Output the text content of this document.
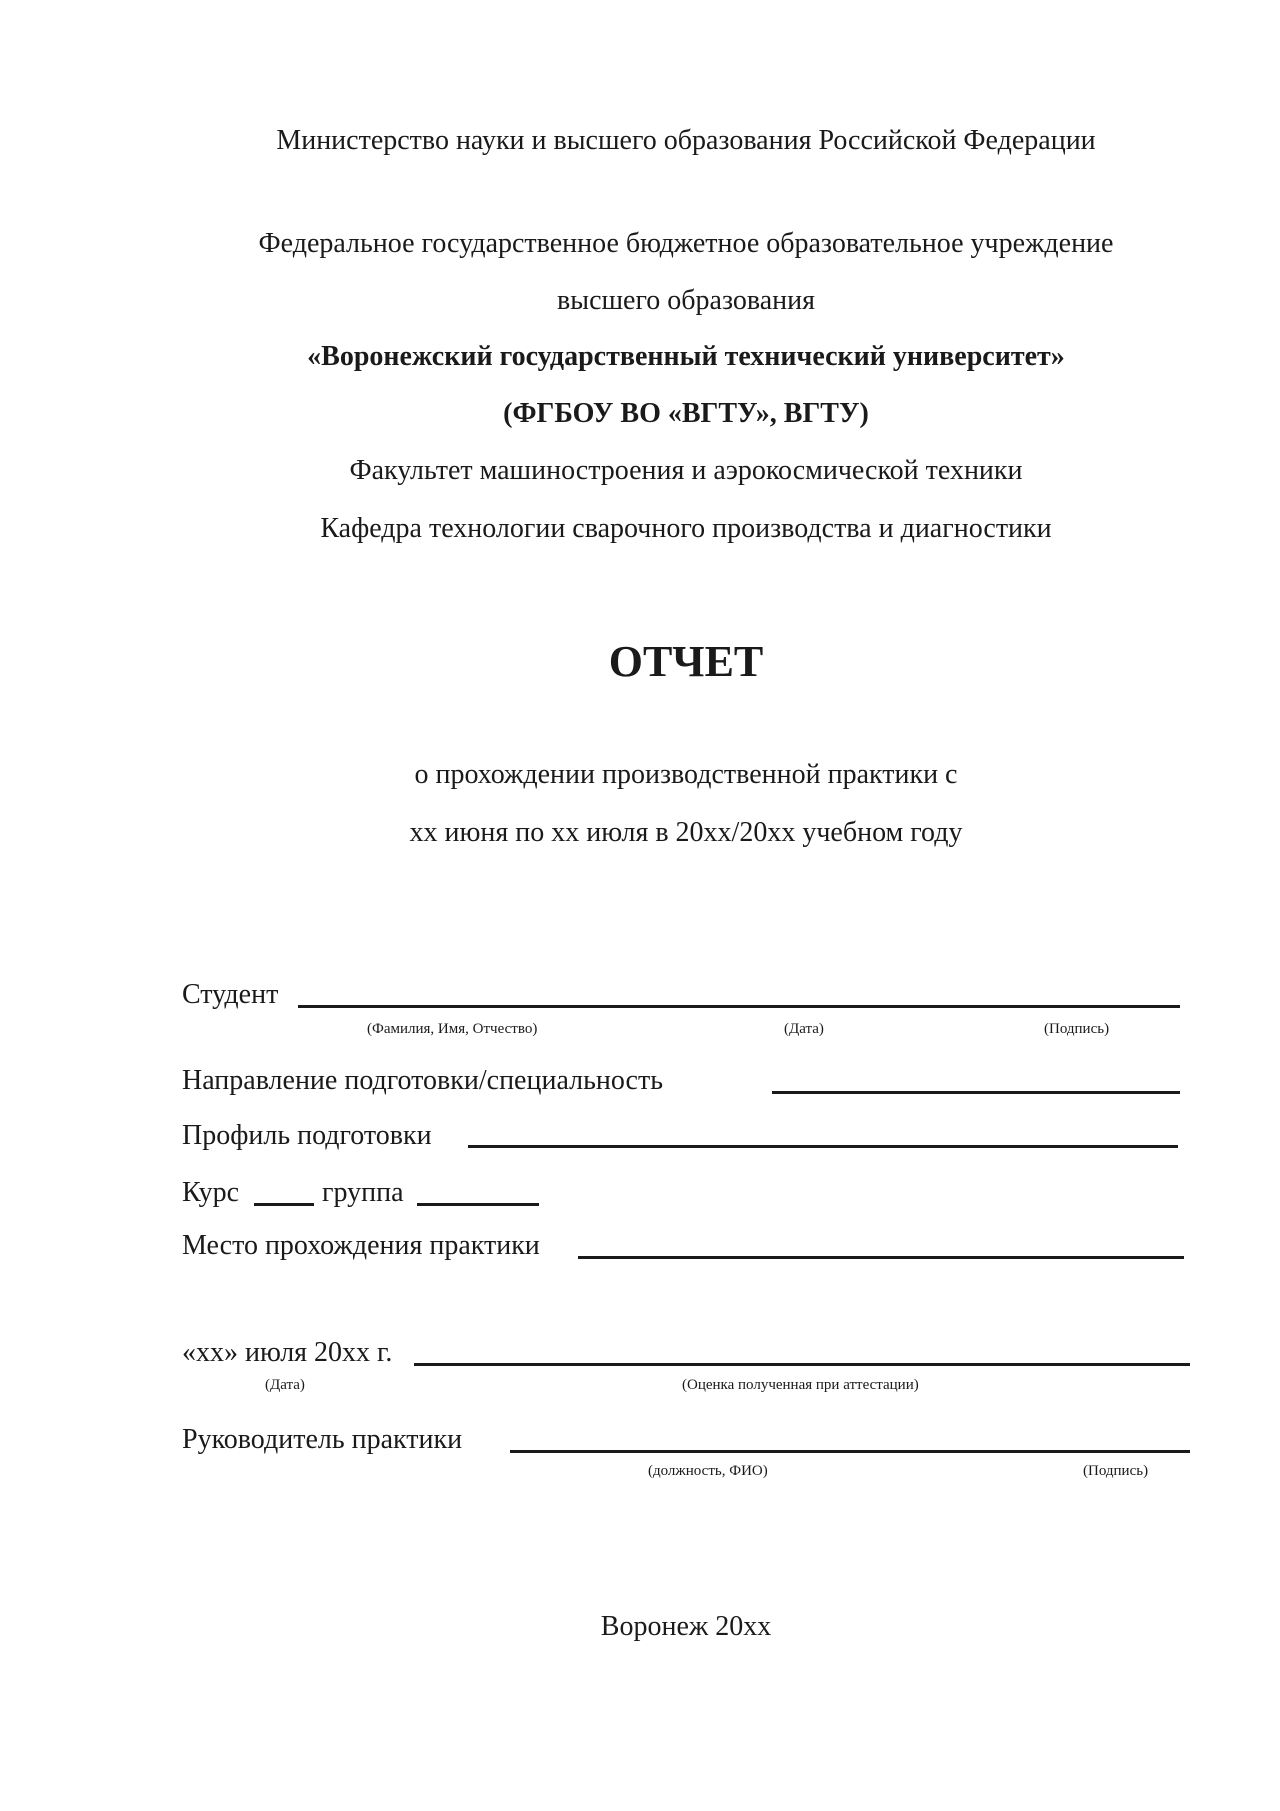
Министерство науки и высшего образования Российской Федерации
Федеральное государственное бюджетное образовательное учреждение
высшего образования
«Воронежский государственный технический университет»
(ФГБОУ ВО «ВГТУ», ВГТУ)
Факультет машиностроения и аэрокосмической техники
Кафедра технологии сварочного производства и диагностики
ОТЧЕТ
о прохождении производственной практики с
хх июня по хх июля в 20хх/20хх учебном году
Студент
(Фамилия, Имя, Отчество)	(Дата)	(Подпись)
Направление подготовки/специальность
Профиль подготовки
Курс	группа
Место прохождения практики
«хх» июля 20хх г.
(Дата)	(Оценка полученная при аттестации)
Руководитель практики
(должность, ФИО)	(Подпись)
Воронеж 20хх
